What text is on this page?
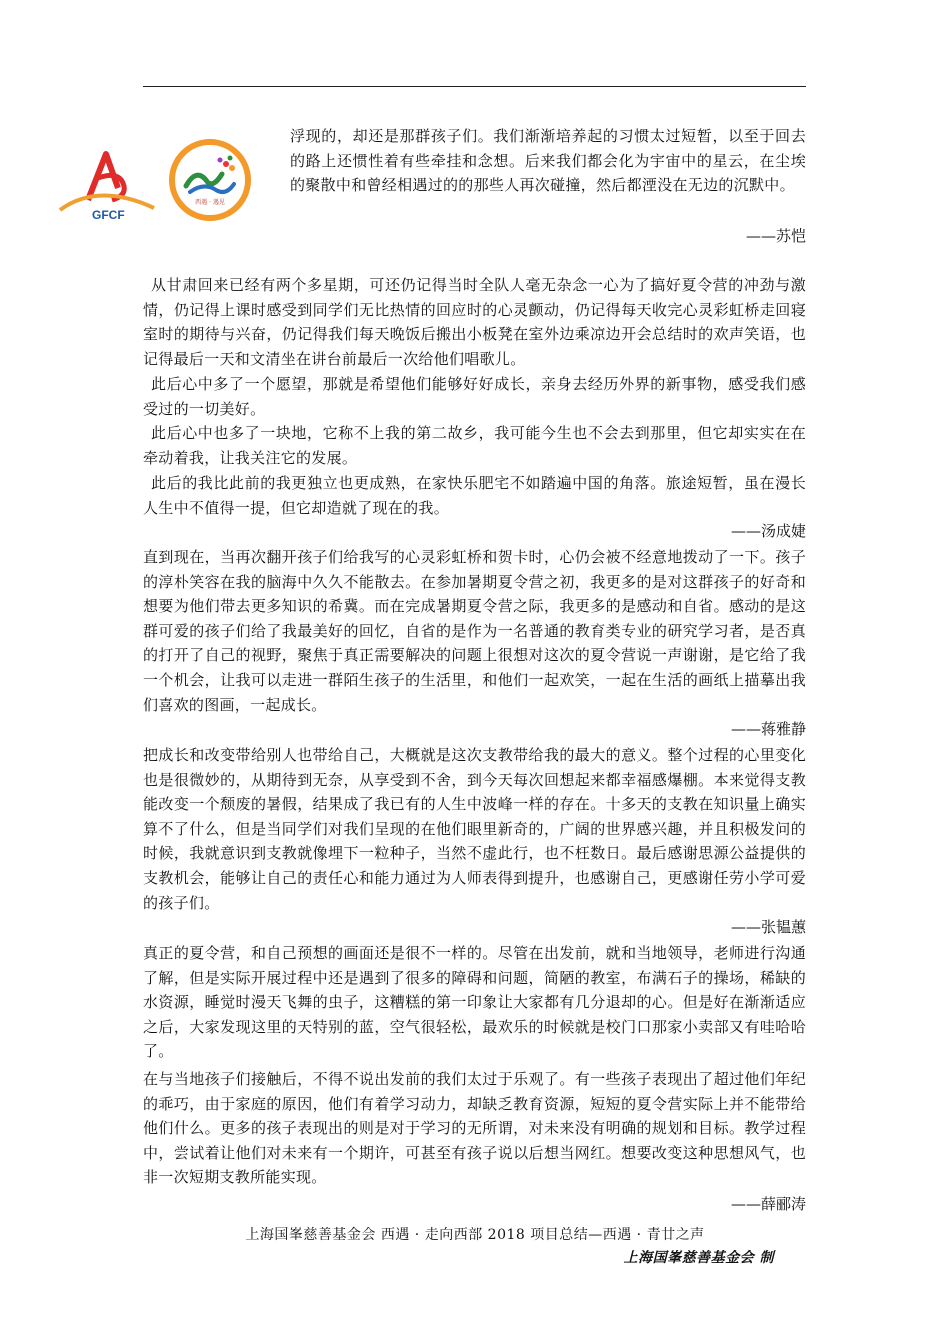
GFCF
西遇 · 遇见

浮现的，却还是那群孩子们。我们渐渐培养起的习惯太过短暂，以至于回去的路上还惯性着有些牵挂和念想。后来我们都会化为宇宙中的星云，在尘埃的聚散中和曾经相遇过的的那些人再次碰撞，然后都湮没在无边的沉默中。

——苏恺

从甘肃回来已经有两个多星期，可还仍记得当时全队人毫无杂念一心为了搞好夏令营的冲劲与激情，仍记得上课时感受到同学们无比热情的回应时的心灵颤动，仍记得每天收完心灵彩虹桥走回寝室时的期待与兴奋，仍记得我们每天晚饭后搬出小板凳在室外边乘凉边开会总结时的欢声笑语，也记得最后一天和文清坐在讲台前最后一次给他们唱歌儿。

此后心中多了一个愿望，那就是希望他们能够好好成长，亲身去经历外界的新事物，感受我们感受过的一切美好。

此后心中也多了一块地，它称不上我的第二故乡，我可能今生也不会去到那里，但它却实实在在牵动着我，让我关注它的发展。

此后的我比此前的我更独立也更成熟，在家快乐肥宅不如踏遍中国的角落。旅途短暂，虽在漫长人生中不值得一提，但它却造就了现在的我。

——汤成婕

直到现在，当再次翻开孩子们给我写的心灵彩虹桥和贺卡时，心仍会被不经意地拨动了一下。孩子的淳朴笑容在我的脑海中久久不能散去。在参加暑期夏令营之初，我更多的是对这群孩子的好奇和想要为他们带去更多知识的希冀。而在完成暑期夏令营之际，我更多的是感动和自省。感动的是这群可爱的孩子们给了我最美好的回忆，自省的是作为一名普通的教育类专业的研究学习者，是否真的打开了自己的视野，聚焦于真正需要解决的问题上很想对这次的夏令营说一声谢谢，是它给了我一个机会，让我可以走进一群陌生孩子的生活里，和他们一起欢笑，一起在生活的画纸上描摹出我们喜欢的图画，一起成长。

——蒋雅静

把成长和改变带给别人也带给自己，大概就是这次支教带给我的最大的意义。整个过程的心里变化也是很微妙的，从期待到无奈，从享受到不舍，到今天每次回想起来都幸福感爆棚。本来觉得支教能改变一个颓废的暑假，结果成了我已有的人生中波峰一样的存在。十多天的支教在知识量上确实算不了什么，但是当同学们对我们呈现的在他们眼里新奇的，广阔的世界感兴趣，并且积极发问的时候，我就意识到支教就像埋下一粒种子，当然不虚此行，也不枉数日。最后感谢思源公益提供的支教机会，能够让自己的责任心和能力通过为人师表得到提升，也感谢自己，更感谢任劳小学可爱的孩子们。

——张韫蕙

真正的夏令营，和自己预想的画面还是很不一样的。尽管在出发前，就和当地领导，老师进行沟通了解，但是实际开展过程中还是遇到了很多的障碍和问题，简陋的教室，布满石子的操场，稀缺的水资源，睡觉时漫天飞舞的虫子，这糟糕的第一印象让大家都有几分退却的心。但是好在渐渐适应之后，大家发现这里的天特别的蓝，空气很轻松，最欢乐的时候就是校门口那家小卖部又有哇哈哈了。

在与当地孩子们接触后，不得不说出发前的我们太过于乐观了。有一些孩子表现出了超过他们年纪的乖巧，由于家庭的原因，他们有着学习动力，却缺乏教育资源，短短的夏令营实际上并不能带给他们什么。更多的孩子表现出的则是对于学习的无所谓，对未来没有明确的规划和目标。教学过程中，尝试着让他们对未来有一个期许，可甚至有孩子说以后想当网红。想要改变这种思想风气，也非一次短期支教所能实现。

——薛郦涛

上海国峯慈善基金会 西遇 · 走向西部 2018 项目总结—西遇 · 青廿之声
上海国峯慈善基金会 制
